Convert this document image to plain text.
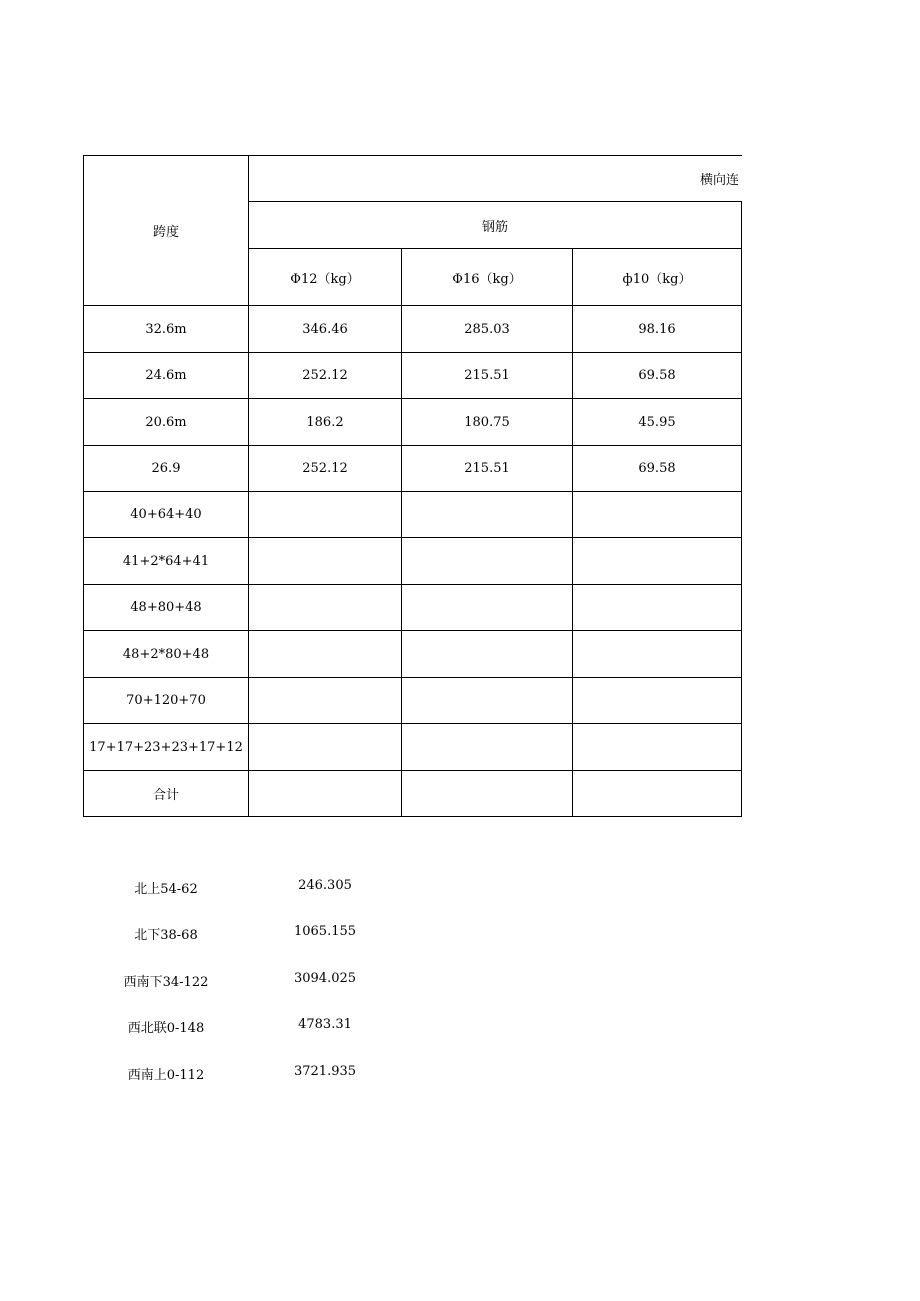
跨度	横向连		
	钢筋		
	Φ12（kg）	Φ16（kg）	ф10（kg）
32.6m	346.46	285.03	98.16
24.6m	252.12	215.51	69.58
20.6m	186.2	180.75	45.95
26.9	252.12	215.51	69.58
40+64+40			
41+2*64+41			
48+80+48			
48+2*80+48			
70+120+70			
17+17+23+23+17+12			
合计			
北上54-62	246.305
北下38-68	1065.155
西南下34-122	3094.025
西北联0-148	4783.31
西南上0-112	3721.935
